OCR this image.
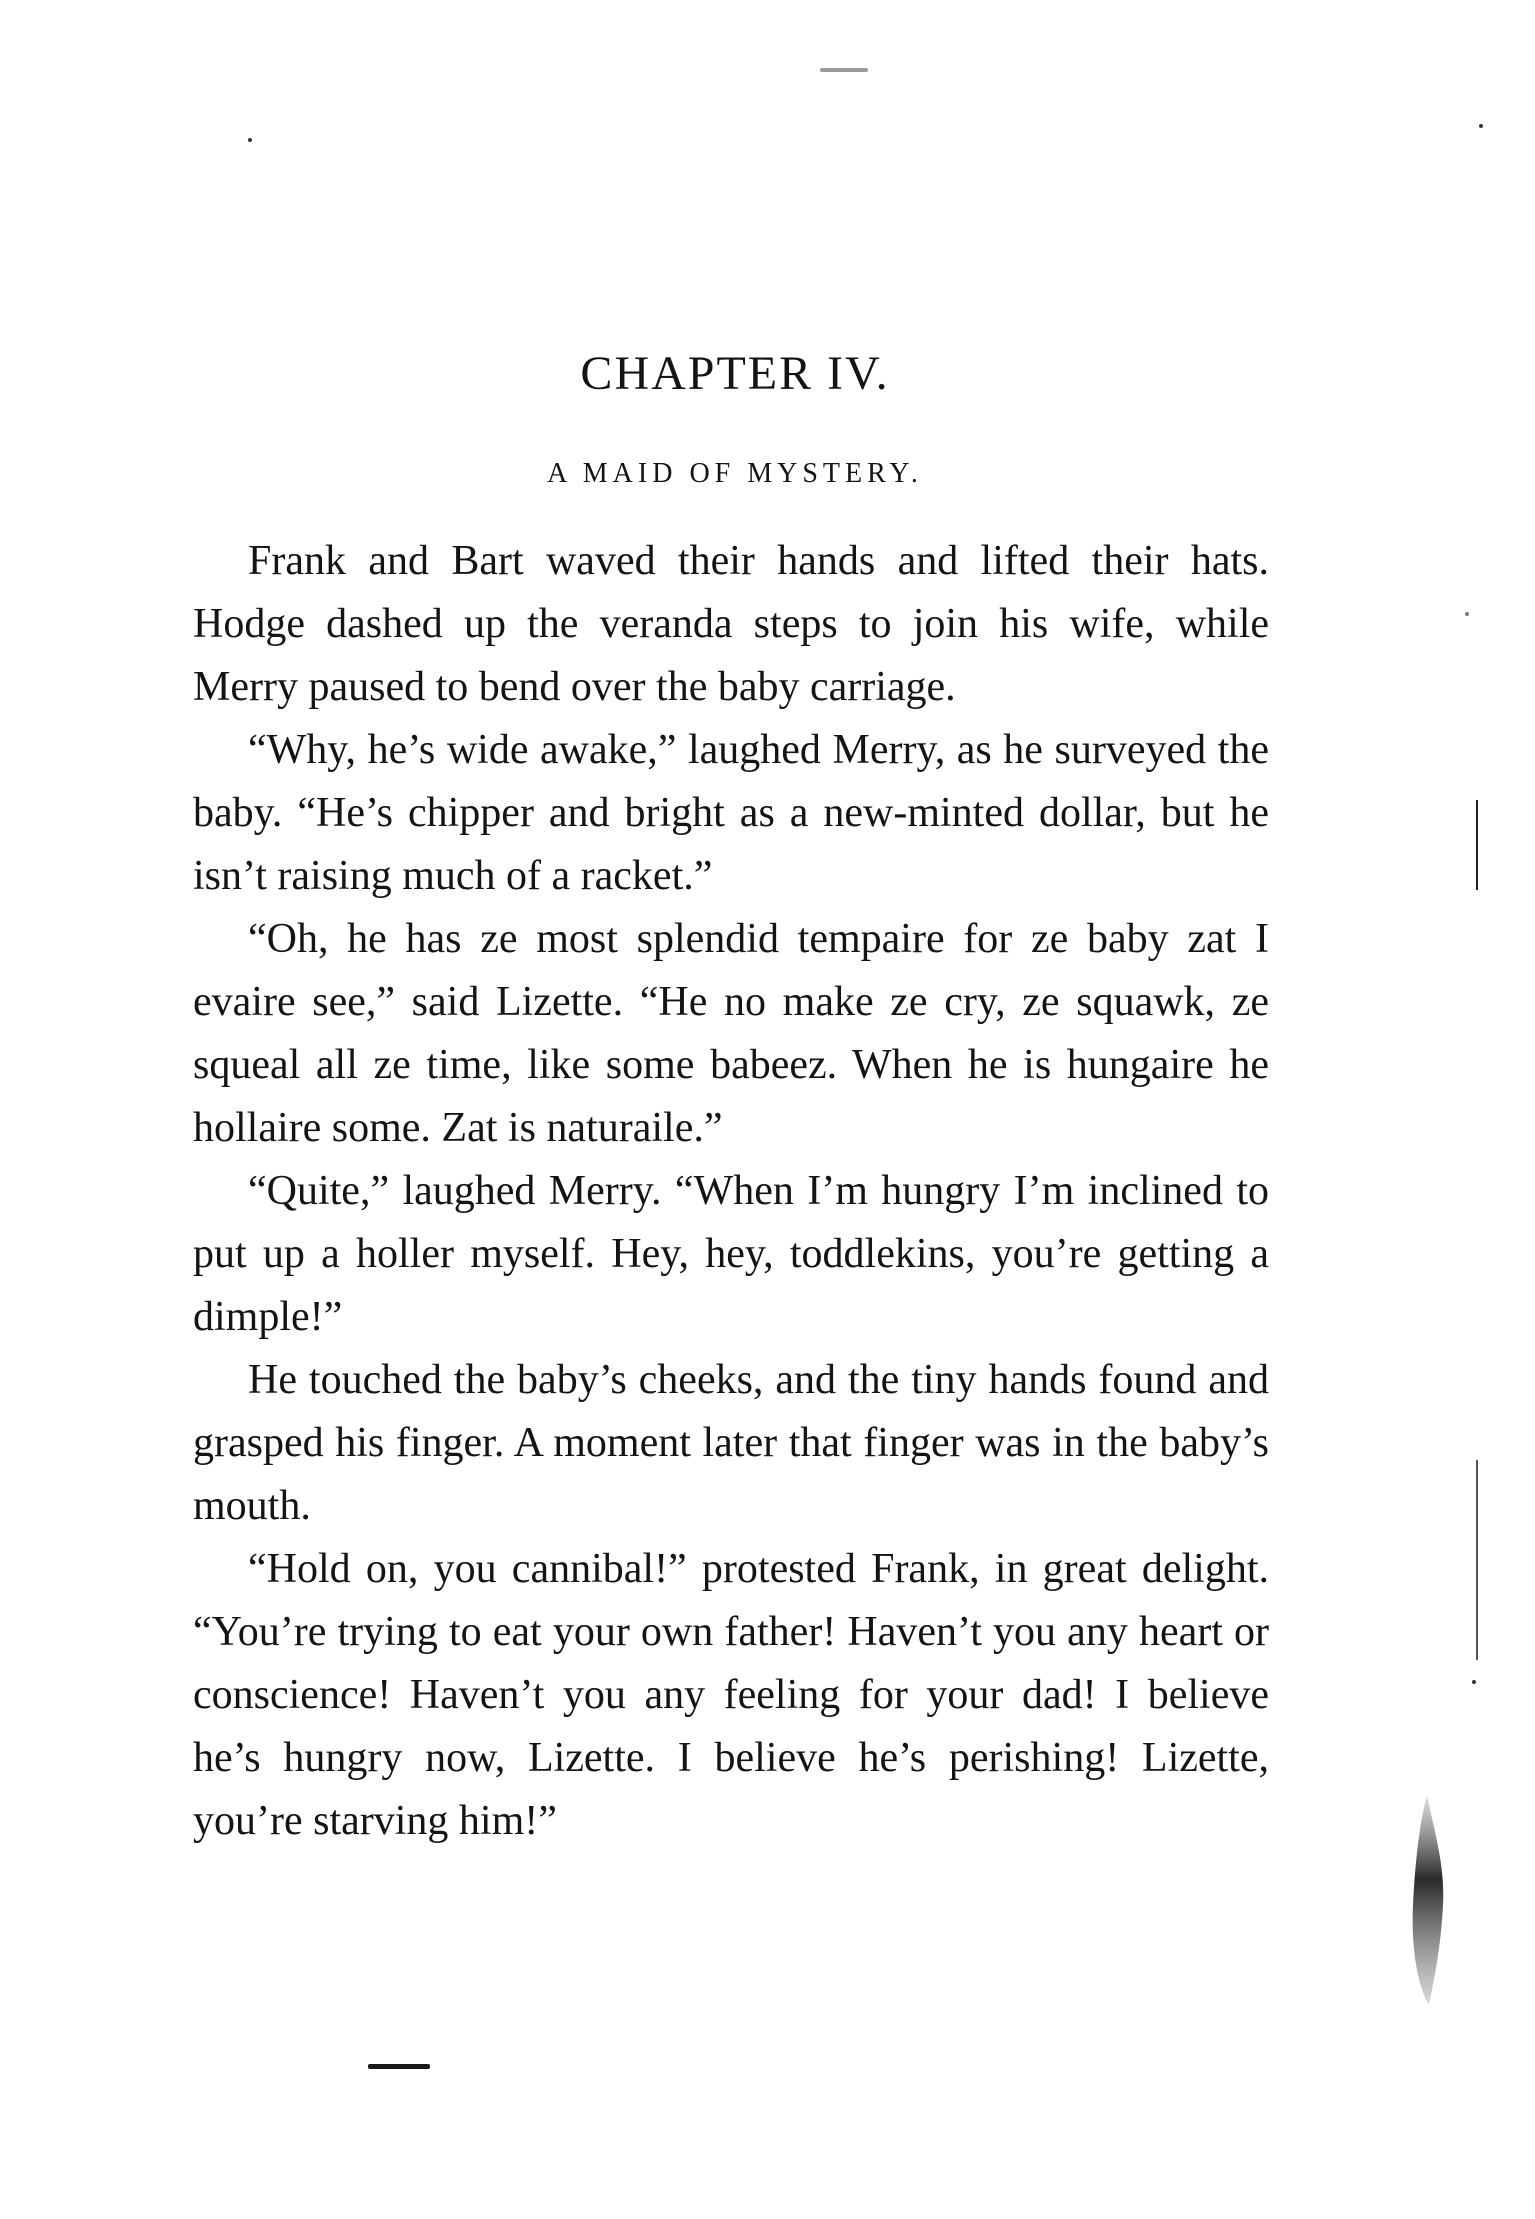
CHAPTER IV.
A MAID OF MYSTERY.

Frank and Bart waved their hands and lifted their hats. Hodge dashed up the veranda steps to join his wife, while Merry paused to bend over the baby carriage.

“Why, he’s wide awake,” laughed Merry, as he surveyed the baby. “He’s chipper and bright as a new-minted dollar, but he isn’t raising much of a racket.”

“Oh, he has ze most splendid tempaire for ze baby zat I evaire see,” said Lizette. “He no make ze cry, ze squawk, ze squeal all ze time, like some babeez. When he is hungaire he hollaire some. Zat is naturaile.”

“Quite,” laughed Merry. “When I’m hungry I’m inclined to put up a holler myself. Hey, hey, toddlekins, you’re getting a dimple!”

He touched the baby’s cheeks, and the tiny hands found and grasped his finger. A moment later that finger was in the baby’s mouth.

“Hold on, you cannibal!” protested Frank, in great delight. “You’re trying to eat your own father! Haven’t you any heart or conscience! Haven’t you any feeling for your dad! I believe he’s hungry now, Lizette. I believe he’s perishing! Lizette, you’re starving him!”
